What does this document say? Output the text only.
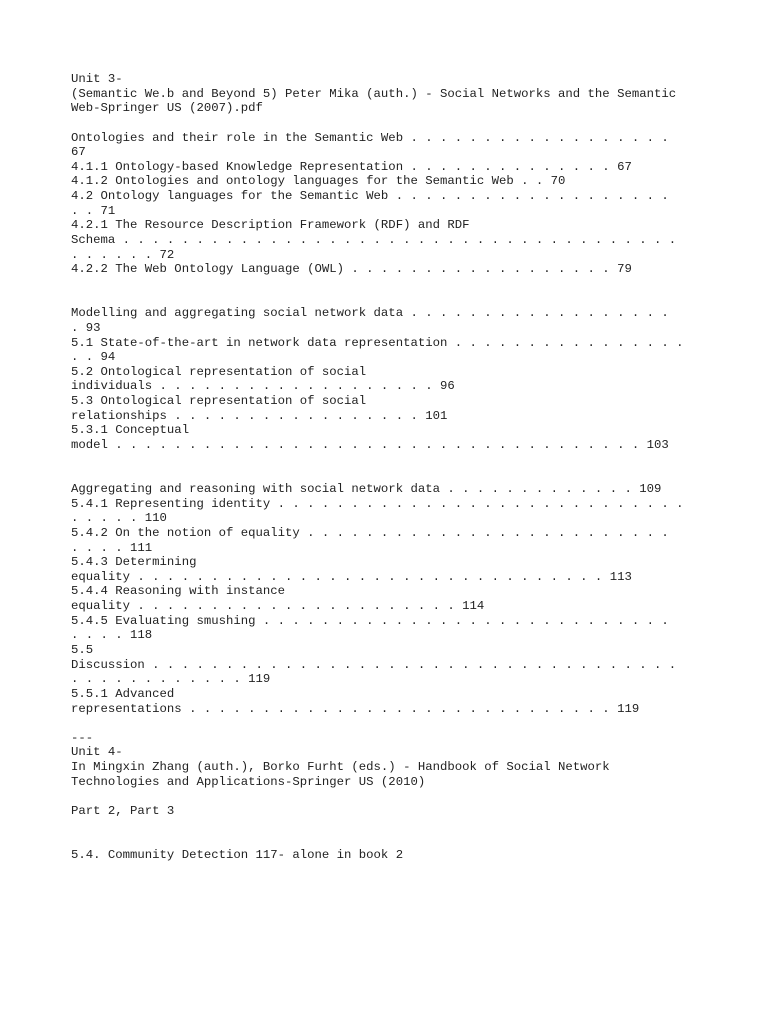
Unit 3-
(Semantic We.b and Beyond 5) Peter Mika (auth.) - Social Networks and the Semantic
Web-Springer US (2007).pdf
Ontologies and their role in the Semantic Web . . . . . . . . . . . . . . . . . .
67
4.1.1 Ontology-based Knowledge Representation . . . . . . . . . . . . . . 67
4.1.2 Ontologies and ontology languages for the Semantic Web . . 70
4.2 Ontology languages for the Semantic Web . . . . . . . . . . . . . . . . . . .
. . 71
4.2.1 The Resource Description Framework (RDF) and RDF
Schema . . . . . . . . . . . . . . . . . . . . . . . . . . . . . . . . . . . . . .
. . . . . . 72
4.2.2 The Web Ontology Language (OWL) . . . . . . . . . . . . . . . . . . 79
Modelling and aggregating social network data . . . . . . . . . . . . . . . . . .
. 93
5.1 State-of-the-art in network data representation . . . . . . . . . . . . . . . .
. . 94
5.2 Ontological representation of social
individuals . . . . . . . . . . . . . . . . . . . 96
5.3 Ontological representation of social
relationships . . . . . . . . . . . . . . . . . 101
5.3.1 Conceptual
model . . . . . . . . . . . . . . . . . . . . . . . . . . . . . . . . . . . . 103
Aggregating and reasoning with social network data . . . . . . . . . . . . . 109
5.4.1 Representing identity . . . . . . . . . . . . . . . . . . . . . . . . . . . .
. . . . . 110
5.4.2 On the notion of equality . . . . . . . . . . . . . . . . . . . . . . . . .
. . . . 111
5.4.3 Determining
equality . . . . . . . . . . . . . . . . . . . . . . . . . . . . . . . . 113
5.4.4 Reasoning with instance
equality . . . . . . . . . . . . . . . . . . . . . . 114
5.4.5 Evaluating smushing . . . . . . . . . . . . . . . . . . . . . . . . . . . .
. . . . 118
5.5
Discussion . . . . . . . . . . . . . . . . . . . . . . . . . . . . . . . . . . . .
. . . . . . . . . . . . 119
5.5.1 Advanced
representations . . . . . . . . . . . . . . . . . . . . . . . . . . . . . 119
---
Unit 4-
In Mingxin Zhang (auth.), Borko Furht (eds.) - Handbook of Social Network
Technologies and Applications-Springer US (2010)
Part 2, Part 3
5.4. Community Detection 117- alone in book 2
